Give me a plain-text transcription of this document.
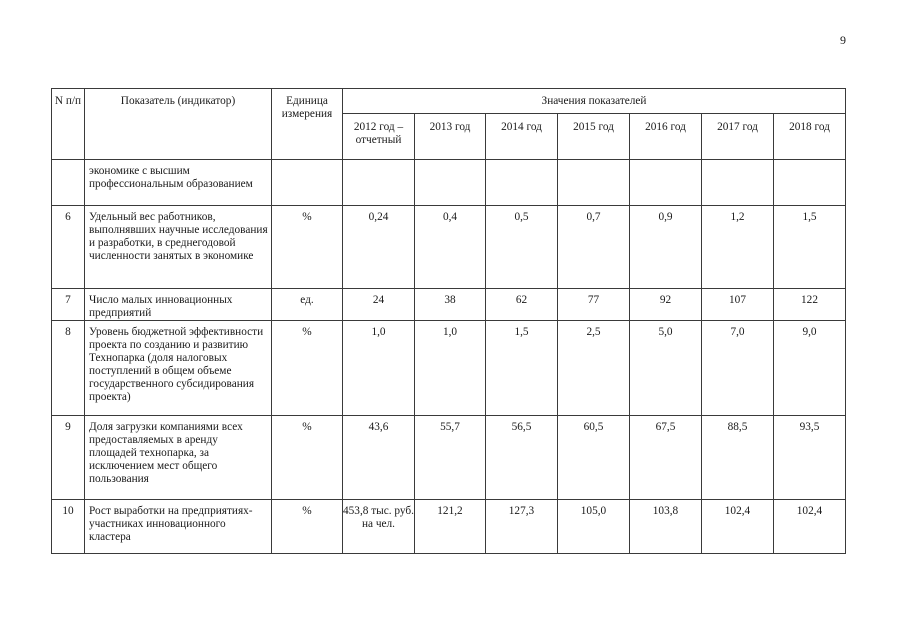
9
N п/п	Показатель (индикатор)	Единица измерения	Значения показателей						
			2012 год – отчетный	2013 год	2014 год	2015 год	2016 год	2017 год	2018 год
	экономике с высшим профессиональным образованием								
6	Удельный вес работников, выполнявших научные исследования и разработки, в среднегодовой численности занятых в экономике	%	0,24	0,4	0,5	0,7	0,9	1,2	1,5
7	Число малых инновационных предприятий	ед.	24	38	62	77	92	107	122
8	Уровень бюджетной эффективности проекта по созданию и развитию Технопарка (доля налоговых поступлений в общем объеме государственного субсидирования проекта)	%	1,0	1,0	1,5	2,5	5,0	7,0	9,0
9	Доля загрузки компаниями всех предоставляемых в аренду площадей технопарка, за исключением мест общего пользования	%	43,6	55,7	56,5	60,5	67,5	88,5	93,5
10	Рост выработки на предприятиях-участниках инновационного кластера	%	453,8 тыс. руб. на чел.	121,2	127,3	105,0	103,8	102,4	102,4
